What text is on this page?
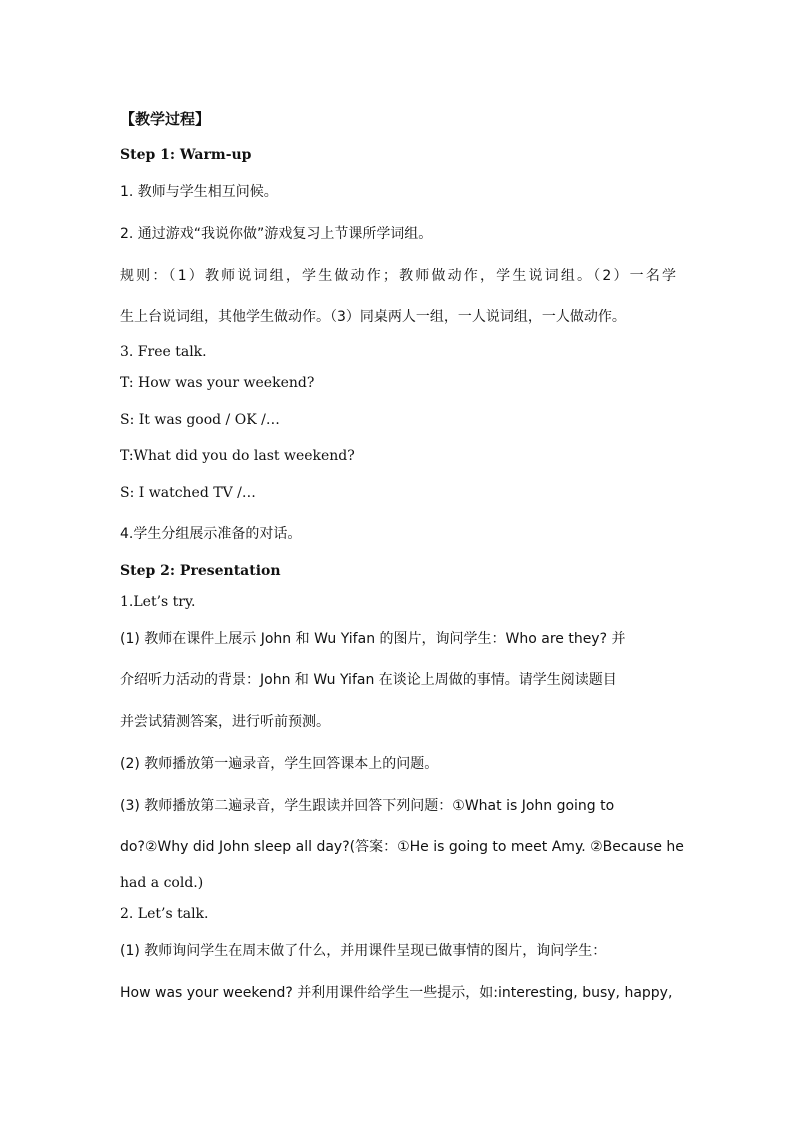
【教学过程】
Step 1: Warm-up
1. 教师与学生相互问候。
2. 通过游戏“我说你做”游戏复习上节课所学词组。
规则：（1）教师说词组，学生做动作；教师做动作，学生说词组。（2）一名学
生上台说词组，其他学生做动作。（3）同桌两人一组，一人说词组，一人做动作。
3. Free talk.
T: How was your weekend?
S: It was good / OK /…
T:What did you do last weekend?
S: I watched TV /…
4.学生分组展示准备的对话。
Step 2: Presentation
1.Let’s try.
(1) 教师在课件上展示 John 和 Wu Yifan 的图片，询问学生：Who are they? 并
介绍听力活动的背景：John 和 Wu Yifan 在谈论上周做的事情。请学生阅读题目
并尝试猜测答案，进行听前预测。
(2) 教师播放第一遍录音，学生回答课本上的问题。
(3) 教师播放第二遍录音，学生跟读并回答下列问题：①What is John going to
do?②Why did John sleep all day?(答案：①He is going to meet Amy. ②Because he
had a cold.)
2. Let’s talk.
(1) 教师询问学生在周末做了什么，并用课件呈现已做事情的图片，询问学生：
How was your weekend? 并利用课件给学生一些提示，如:interesting, busy, happy,
